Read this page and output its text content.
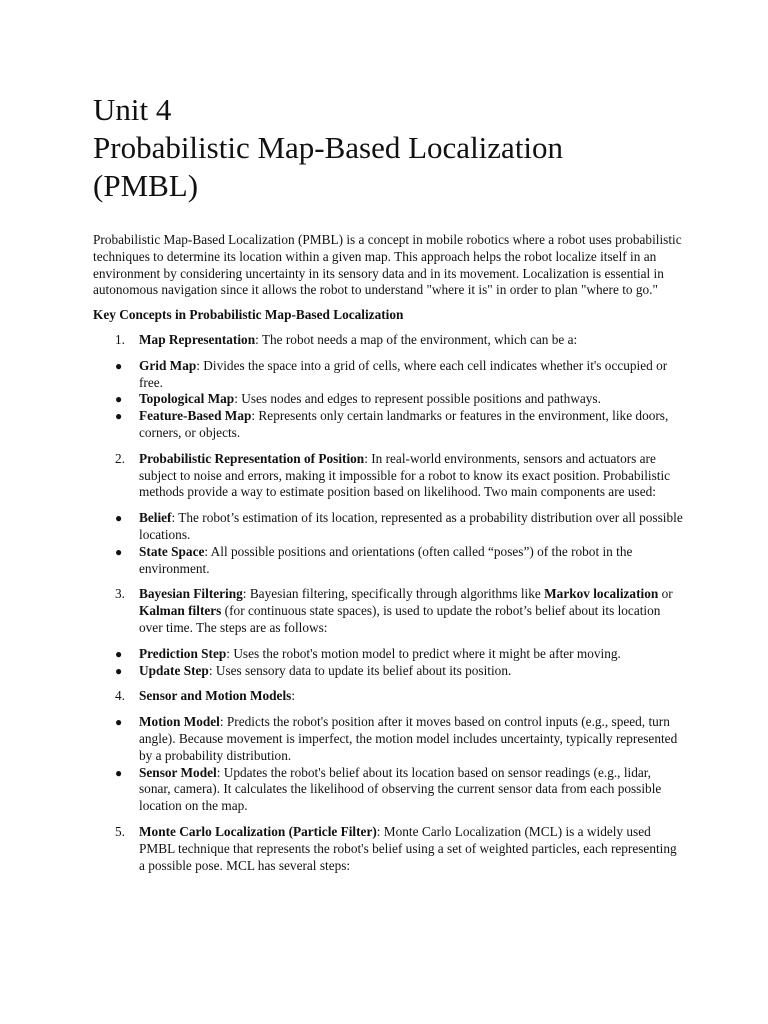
Unit 4
Probabilistic Map-Based Localization
(PMBL)

Probabilistic Map-Based Localization (PMBL) is a concept in mobile robotics where a robot uses probabilistic techniques to determine its location within a given map. This approach helps the robot localize itself in an environment by considering uncertainty in its sensory data and in its movement. Localization is essential in autonomous navigation since it allows the robot to understand "where it is" in order to plan "where to go."

Key Concepts in Probabilistic Map-Based Localization

1. Map Representation: The robot needs a map of the environment, which can be a:
● Grid Map: Divides the space into a grid of cells, where each cell indicates whether it's occupied or free.
● Topological Map: Uses nodes and edges to represent possible positions and pathways.
● Feature-Based Map: Represents only certain landmarks or features in the environment, like doors, corners, or objects.
2. Probabilistic Representation of Position: In real-world environments, sensors and actuators are subject to noise and errors, making it impossible for a robot to know its exact position. Probabilistic methods provide a way to estimate position based on likelihood. Two main components are used:
● Belief: The robot’s estimation of its location, represented as a probability distribution over all possible locations.
● State Space: All possible positions and orientations (often called “poses”) of the robot in the environment.
3. Bayesian Filtering: Bayesian filtering, specifically through algorithms like Markov localization or Kalman filters (for continuous state spaces), is used to update the robot’s belief about its location over time. The steps are as follows:
● Prediction Step: Uses the robot's motion model to predict where it might be after moving.
● Update Step: Uses sensory data to update its belief about its position.
4. Sensor and Motion Models:
● Motion Model: Predicts the robot's position after it moves based on control inputs (e.g., speed, turn angle). Because movement is imperfect, the motion model includes uncertainty, typically represented by a probability distribution.
● Sensor Model: Updates the robot's belief about its location based on sensor readings (e.g., lidar, sonar, camera). It calculates the likelihood of observing the current sensor data from each possible location on the map.
5. Monte Carlo Localization (Particle Filter): Monte Carlo Localization (MCL) is a widely used PMBL technique that represents the robot's belief using a set of weighted particles, each representing a possible pose. MCL has several steps:
